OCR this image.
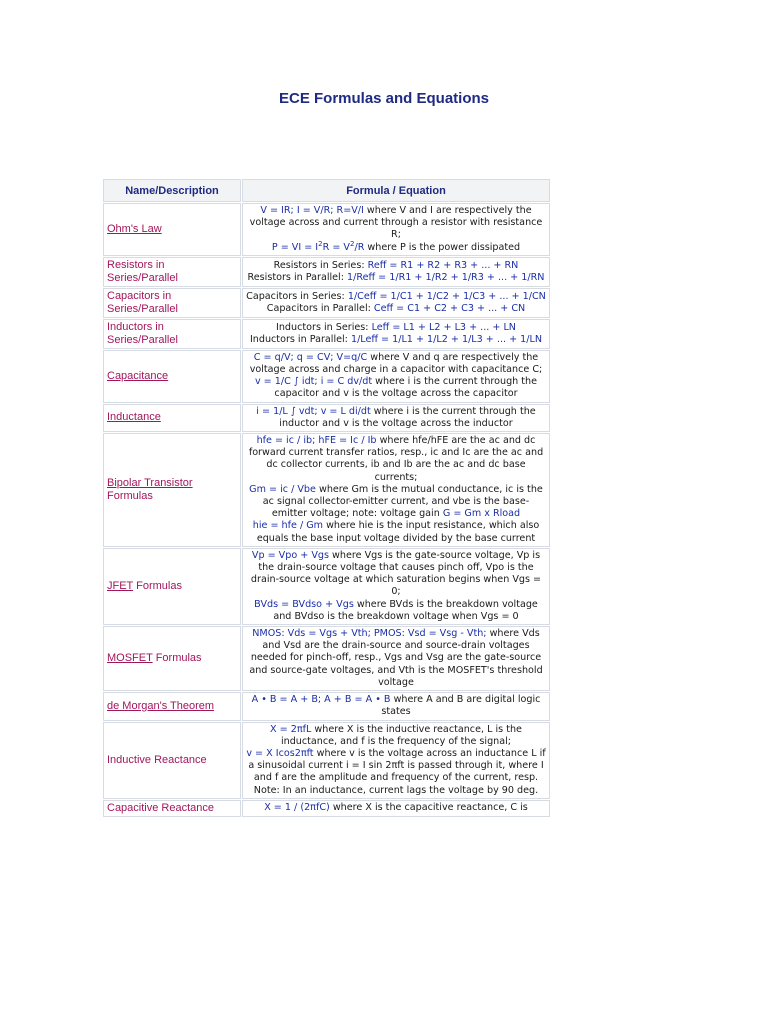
ECE Formulas and Equations
Name/Description	Formula / Equation
Ohm's Law	V = IR; I = V/R; R=V/I where V and I are respectively the voltage across and current through a resistor with resistance R;
P = VI = $I^2R = V^2/R$ where P is the power dissipated
Resistors in Series/Parallel	Resistors in Series: Reff = R1 + R2 + R3 + ... + RN
Resistors in Parallel: 1/Reff = 1/R1 + 1/R2 + 1/R3 + ... + 1/RN
Capacitors in Series/Parallel	Capacitors in Series: 1/Ceff = 1/C1 + 1/C2 + 1/C3 + ... + 1/CN
Capacitors in Parallel: Ceff = C1 + C2 + C3 + ... + CN
Inductors in Series/Parallel	Inductors in Series: Leff = L1 + L2 + L3 + ... + LN
Inductors in Parallel: 1/Leff = 1/L1 + 1/L2 + 1/L3 + ... + 1/LN
Capacitance	C = q/V; q = CV; V=q/C where V and q are respectively the voltage across and charge in a capacitor with capacitance C;
v = 1/C ∫ idt; i = C dv/dt where i is the current through the capacitor and v is the voltage across the capacitor
Inductance	i = 1/L ∫ vdt; v = L di/dt where i is the current through the inductor and v is the voltage across the inductor
Bipolar Transistor Formulas	hfe = ic / ib; hFE = Ic / Ib where hfe/hFE are the ac and dc forward current transfer ratios, resp., ic and Ic are the ac and dc collector currents, ib and Ib are the ac and dc base currents;
Gm = ic / Vbe where Gm is the mutual conductance, ic is the ac signal collector-emitter current, and vbe is the base-emitter voltage; note: voltage gain G = Gm x Rload
hie = hfe / Gm where hie is the input resistance, which also equals the base input voltage divided by the base current
JFET Formulas	Vp = Vpo + Vgs where Vgs is the gate-source voltage, Vp is the drain-source voltage that causes pinch off, Vpo is the drain-source voltage at which saturation begins when Vgs = 0;
BVds = BVdso + Vgs where BVds is the breakdown voltage and BVdso is the breakdown voltage when Vgs = 0
MOSFET Formulas	NMOS: Vds = Vgs + Vth; PMOS: Vsd = Vsg - Vth; where Vds and Vsd are the drain-source and source-drain voltages needed for pinch-off, resp., Vgs and Vsg are the gate-source and source-gate voltages, and Vth is the MOSFET's threshold voltage
de Morgan's Theorem	A • B = A + B; A + B = A • B where A and B are digital logic states
Inductive Reactance	X = 2πfL where X is the inductive reactance, L is the inductance, and f is the frequency of the signal;
v = X Icos2πft where v is the voltage across an inductance L if a sinusoidal current i = I sin 2πft is passed through it, where I and f are the amplitude and frequency of the current, resp.
Note: In an inductance, current lags the voltage by 90 deg.
Capacitive Reactance	X = 1 / (2πfC) where X is the capacitive reactance, C is
